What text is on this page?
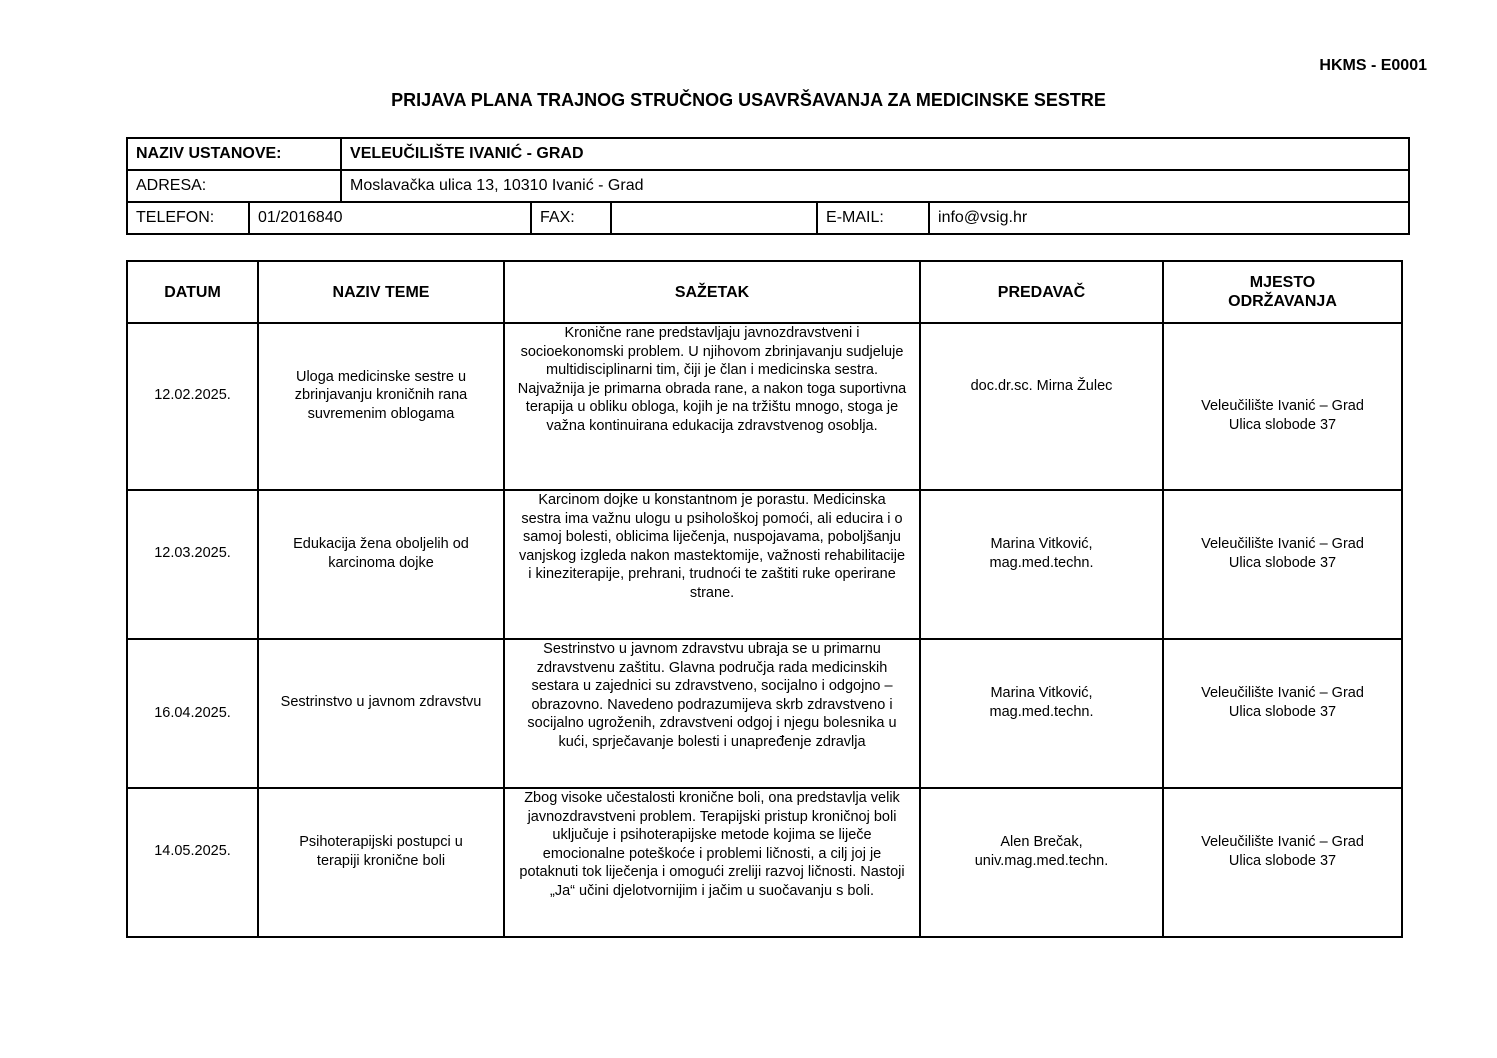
HKMS - E0001
PRIJAVA PLANA TRAJNOG STRUČNOG USAVRŠAVANJA ZA MEDICINSKE SESTRE
NAZIV USTANOVE:		VELEUČILIŠTE IVANIĆ - GRAD				
ADRESA:		Moslavačka ulica 13, 10310 Ivanić - Grad				
TELEFON:	01/2016840		FAX:		E-MAIL:	info@vsig.hr
DATUM	NAZIV TEME	SAŽETAK	PREDAVAČ	MJESTO ODRŽAVANJA
12.02.2025.	Uloga medicinske sestre u zbrinjavanju kroničnih rana suvremenim oblogama	Kronične rane predstavljaju javnozdravstveni i socioekonomski problem. U njihovom zbrinjavanju sudjeluje multidisciplinarni tim, čiji je član i medicinska sestra. Najvažnija je primarna obrada rane, a nakon toga suportivna terapija u obliku obloga, kojih je na tržištu mnogo, stoga je važna kontinuirana edukacija zdravstvenog osoblja.	doc.dr.sc. Mirna Žulec	Veleučilište Ivanić – Grad Ulica slobode 37
12.03.2025.	Edukacija žena oboljelih od karcinoma dojke	Karcinom dojke u konstantnom je porastu. Medicinska sestra ima važnu ulogu u psihološkoj pomoći, ali educira i o samoj bolesti, oblicima liječenja, nuspojavama, poboljšanju vanjskog izgleda nakon mastektomije, važnosti rehabilitacije i kineziterapije, prehrani, trudnoći te zaštiti ruke operirane strane.	Marina Vitković, mag.med.techn.	Veleučilište Ivanić – Grad Ulica slobode 37
16.04.2025.	Sestrinstvo u javnom zdravstvu	Sestrinstvo u javnom zdravstvu ubraja se u primarnu zdravstvenu zaštitu. Glavna područja rada medicinskih sestara u zajednici su zdravstveno, socijalno i odgojno – obrazovno. Navedeno podrazumijeva skrb zdravstveno i socijalno ugroženih, zdravstveni odgoj i njegu bolesnika u kući, sprječavanje bolesti i unapređenje zdravlja	Marina Vitković, mag.med.techn.	Veleučilište Ivanić – Grad Ulica slobode 37
14.05.2025.	Psihoterapijski postupci u terapiji kronične boli	Zbog visoke učestalosti kronične boli, ona predstavlja velik javnozdravstveni problem. Terapijski pristup kroničnoj boli uključuje i psihoterapijske metode kojima se liječe emocionalne poteškoće i problemi ličnosti, a cilj joj je potaknuti tok liječenja i omogući zreliji razvoj ličnosti. Nastoji „Ja“ učini djelotvornijim i jačim u suočavanju s boli.	Alen Brečak, univ.mag.med.techn.	Veleučilište Ivanić – Grad Ulica slobode 37
